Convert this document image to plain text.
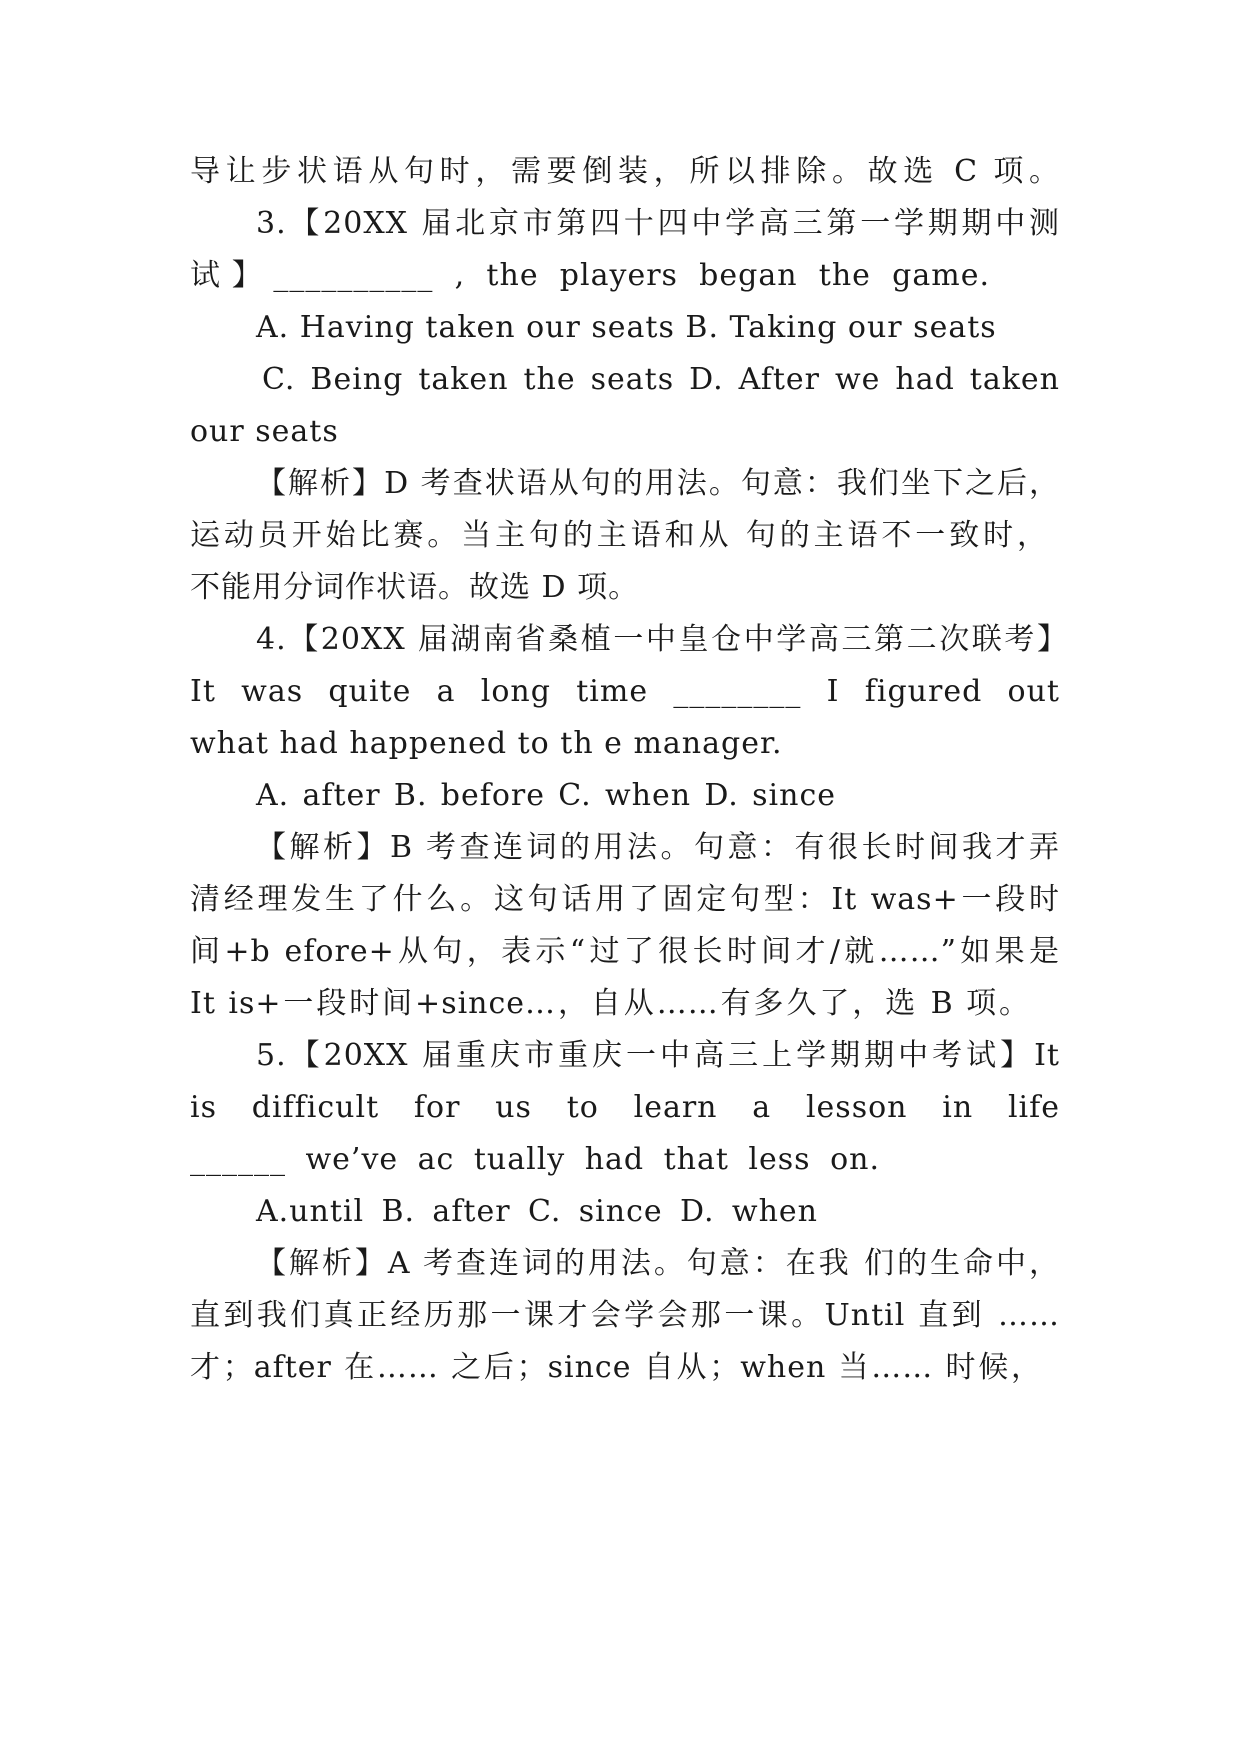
导让步状语从句时，需要倒装，所以排除。故选 C 项。
3.【20XX 届北京市第四十四中学高三第一学期期中测
试】__________ , the players began the game.
A. Having taken our seats B. Taking our seats
C. Being taken the seats D. After we had taken
our seats
【解析】D 考查状语从句的用法。句意：我们坐下之后，
运动员开始比赛。当主句的主语和从 句的主语不一致时，
不能用分词作状语。故选 D 项。
4.【20XX 届湖南省桑植一中皇仓中学高三第二次联考】
It was quite a long time ________ I figured out
what had happened to th e manager.
A. after B. before C. when D. since
【解析】B 考查连词的用法。句意：有很长时间我才弄
清经理发生了什么。这句话用了固定句型：It was+一段时
间+b efore+从句，表示“过了很长时间才/就……”如果是
It is+一段时间+since…，自从……有多久了，选 B 项。
5.【20XX 届重庆市重庆一中高三上学期期中考试】It
is difficult for us to learn a lesson in life
______ we’ve ac tually had that less on.
A.until B. after C. since D. when
【解析】A 考查连词的用法。句意：在我 们的生命中，
直到我们真正经历那一课才会学会那一课。Until 直到 ……
才；after 在…… 之后；since 自从；when 当…… 时候，
